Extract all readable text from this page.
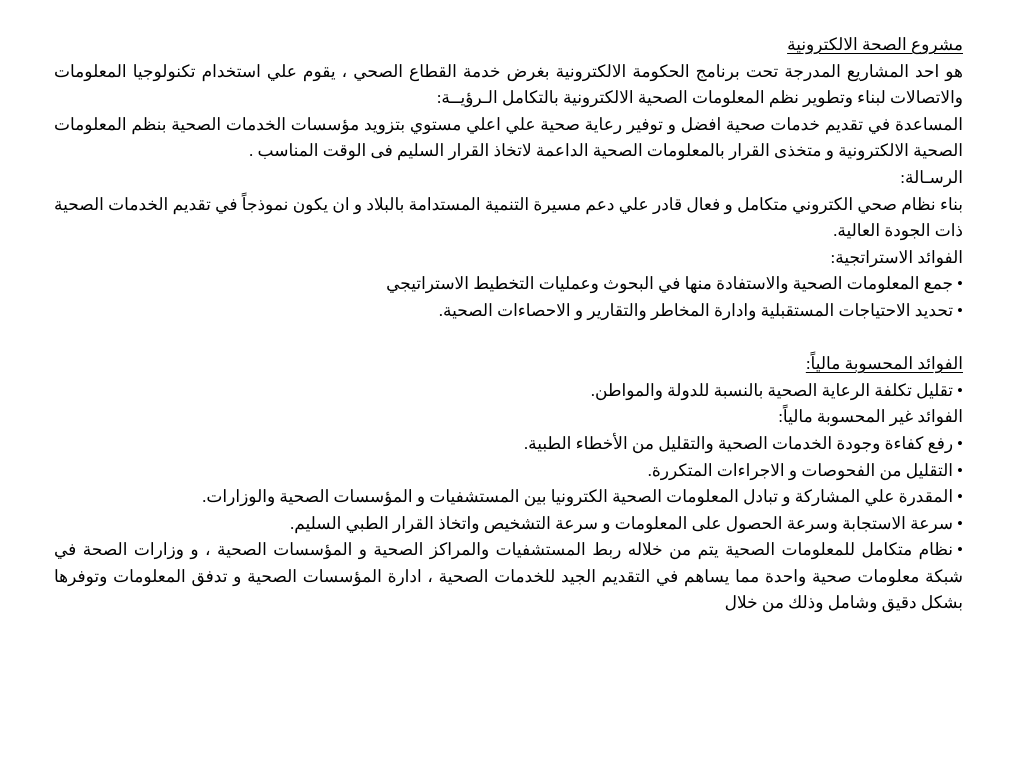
مشروع الصحة الالكترونية

هو احد المشاريع المدرجة تحت برنامج الحكومة الالكترونية بغرض خدمة القطاع الصحي ، يقوم علي استخدام تكنولوجيا المعلومات والاتصالات لبناء وتطوير نظم المعلومات الصحية الالكترونية بالتكامل الـرؤيــة:

المساعدة في تقديم خدمات صحية افضل و توفير رعاية صحية علي اعلي مستوي بتزويد مؤسسات الخدمات الصحية بنظم المعلومات الصحية الالكترونية و متخذى القرار بالمعلومات الصحية الداعمة لاتخاذ القرار السليم فى الوقت المناسب .

الرسـالة:

بناء نظام صحي الكتروني متكامل و فعال قادر علي دعم مسيرة التنمية المستدامة بالبلاد و ان يكون نموذجاً في تقديم الخدمات الصحية ذات الجودة العالية.

الفوائد الاستراتجية:

•جمع المعلومات الصحية والاستفادة منها في البحوث وعمليات التخطيط الاستراتيجي

•تحديد الاحتياجات المستقبلية وادارة المخاطر والتقارير و الاحصاءات الصحية.

الفوائد المحسوبة مالياً:

•تقليل تكلفة الرعاية الصحية بالنسبة للدولة والمواطن.

الفوائد غير المحسوبة مالياً:

•رفع كفاءة وجودة الخدمات الصحية والتقليل من الأخطاء الطبية.

•التقليل من الفحوصات و الاجراءات المتكررة.

•المقدرة علي المشاركة و تبادل المعلومات الصحية الكترونيا بين المستشفيات و المؤسسات الصحية والوزارات.

•سرعة الاستجابة وسرعة الحصول على المعلومات و سرعة التشخيص واتخاذ القرار الطبي السليم.

•نظام متكامل للمعلومات الصحية يتم من خلاله ربط المستشفيات والمراكز الصحية و المؤسسات الصحية ، و وزارات الصحة في شبكة معلومات صحية واحدة مما يساهم في التقديم الجيد للخدمات الصحية ، ادارة المؤسسات الصحية و تدفق المعلومات وتوفرها بشكل دقيق وشامل وذلك من خلال
